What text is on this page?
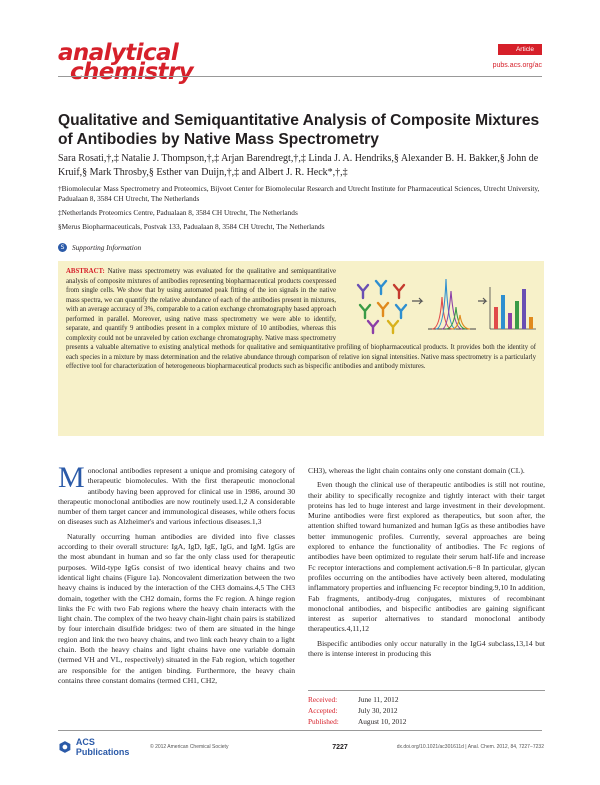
analytical
chemistry
Article
pubs.acs.org/ac
Qualitative and Semiquantitative Analysis of Composite Mixtures of Antibodies by Native Mass Spectrometry
Sara Rosati,†,‡ Natalie J. Thompson,†,‡ Arjan Barendregt,†,‡ Linda J. A. Hendriks,§ Alexander B. H. Bakker,§ John de Kruif,§ Mark Throsby,§ Esther van Duijn,†,‡ and Albert J. R. Heck*,†,‡

†Biomolecular Mass Spectrometry and Proteomics, Bijvoet Center for Biomolecular Research and Utrecht Institute for Pharmaceutical Sciences, Utrecht University, Padualaan 8, 3584 CH Utrecht, The Netherlands

‡Netherlands Proteomics Centre, Padualaan 8, 3584 CH Utrecht, The Netherlands

§Merus Biopharmaceuticals, Postvak 133, Padualaan 8, 3584 CH Utrecht, The Netherlands

S	Supporting Information
ABSTRACT: Native mass spectrometry was evaluated for the qualitative and semiquantitative analysis of composite mixtures of antibodies representing biopharmaceutical products coexpressed from single cells. We show that by using automated peak fitting of the ion signals in the native mass spectra, we can quantify the relative abundance of each of the antibodies present in mixtures, with an average accuracy of 3%, comparable to a cation exchange chromatography based approach performed in parallel. Moreover, using native mass spectrometry we were able to identify, separate, and quantify 9 antibodies present in a complex mixture of 10 antibodies, whereas this complexity could not be unraveled by cation exchange chromatography. Native mass spectrometry presents a valuable alternative to existing analytical methods for qualitative and semiquantitative profiling of biopharmaceutical products. It provides both the identity of each species in a mixture by mass determination and the relative abundance through comparison of relative ion signal intensities. Native mass spectrometry is a particularly effective tool for characterization of heterogeneous biopharmaceutical products such as bispecific antibodies and antibody mixtures.

Monoclonal antibodies represent a unique and promising category of therapeutic biomolecules. With the first therapeutic monoclonal antibody having been approved for clinical use in 1986, around 30 therapeutic monoclonal antibodies are now routinely used.1,2 A considerable number of them target cancer and immunological diseases, while others focus on diseases such as Alzheimer's and various infectious diseases.1,3

Naturally occurring human antibodies are divided into five classes according to their overall structure: IgA, IgD, IgE, IgG, and IgM. IgGs are the most abundant in human and so far the only class used for therapeutic purposes. Wild-type IgGs consist of two identical heavy chains and two identical light chains (Figure 1a). Noncovalent dimerization between the two heavy chains is induced by the interaction of the CH3 domains.4,5 The CH3 domain, together with the CH2 domain, forms the Fc region. A hinge region links the Fc with two Fab regions where the heavy chain interacts with the light chain. The complex of the two heavy chain-light chain pairs is stabilized by four interchain disulfide bridges: two of them are situated in the hinge region and link the two heavy chains, and two link each heavy chain to a light chain. Both the heavy chains and light chains have one variable domain (termed VH and VL, respectively) situated in the Fab region, which together are responsible for the antigen binding. Furthermore, the heavy chain contains three constant domains (termed CH1, CH2,

CH3), whereas the light chain contains only one constant domain (CL).

Even though the clinical use of therapeutic antibodies is still not routine, their ability to specifically recognize and tightly interact with their target proteins has led to huge interest and large investment in their development. Murine antibodies were first explored as therapeutics, but soon after, the attention shifted toward humanized and human IgGs as these antibodies have better immunogenic profiles. Currently, several approaches are being explored to enhance the functionality of antibodies. The Fc regions of antibodies have been optimized to regulate their serum half-life and increase Fc receptor interactions and complement activation.6−8 In particular, glycan profiles occurring on the antibodies have actively been altered, modulating inflammatory properties and influencing Fc receptor binding.9,10 In addition, Fab fragments, antibody-drug conjugates, mixtures of recombinant monoclonal antibodies, and bispecific antibodies are gaining significant interest as superior alternatives to standard monoclonal antibody therapeutics.4,11,12

Bispecific antibodies only occur naturally in the IgG4 subclass,13,14 but there is intense interest in producing this

Received:	June 11, 2012
Accepted:	July 30, 2012
Published:	August 10, 2012
ACS Publications	© 2012 American Chemical Society	7227	dx.doi.org/10.1021/ac301611d | Anal. Chem. 2012, 84, 7227−7232
